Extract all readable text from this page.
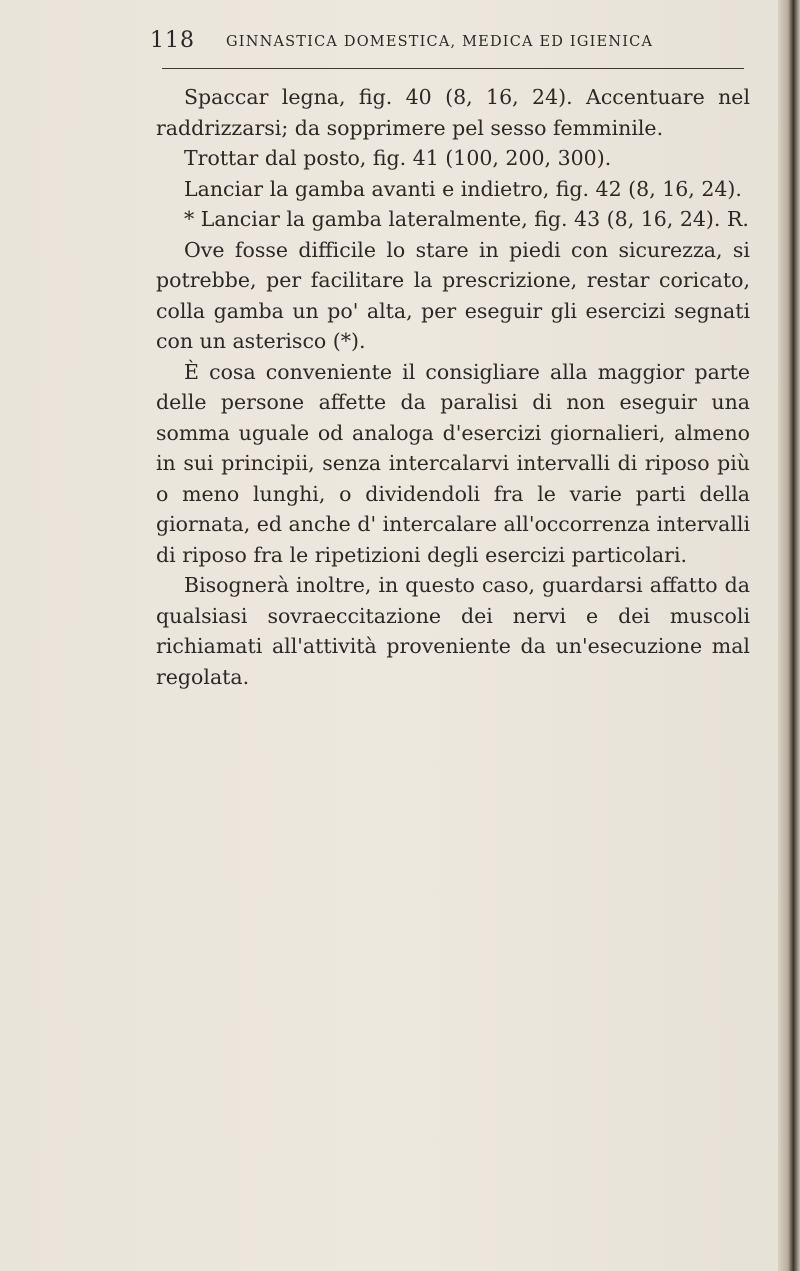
118 GINNASTICA DOMESTICA, MEDICA ED IGIENICA

Spaccar legna, fig. 40 (8, 16, 24). Accentuare nel raddrizzarsi; da sopprimere pel sesso femminile.

Trottar dal posto, fig. 41 (100, 200, 300).

Lanciar la gamba avanti e indietro, fig. 42 (8, 16, 24).

* Lanciar la gamba lateralmente, fig. 43 (8, 16, 24). R.

Ove fosse difficile lo stare in piedi con sicurezza, si potrebbe, per facilitare la prescrizione, restar coricato, colla gamba un po' alta, per eseguir gli esercizi segnati con un asterisco (*).

È cosa conveniente il consigliare alla maggior parte delle persone affette da paralisi di non eseguir una somma uguale od analoga d'esercizi giornalieri, almeno in sui principii, senza intercalarvi intervalli di riposo più o meno lunghi, o dividendoli fra le varie parti della giornata, ed anche d' intercalare all'occorrenza intervalli di riposo fra le ripetizioni degli esercizi particolari.

Bisognerà inoltre, in questo caso, guardarsi affatto da qualsiasi sovraeccitazione dei nervi e dei muscoli richiamati all'attività proveniente da un'esecuzione mal regolata.
